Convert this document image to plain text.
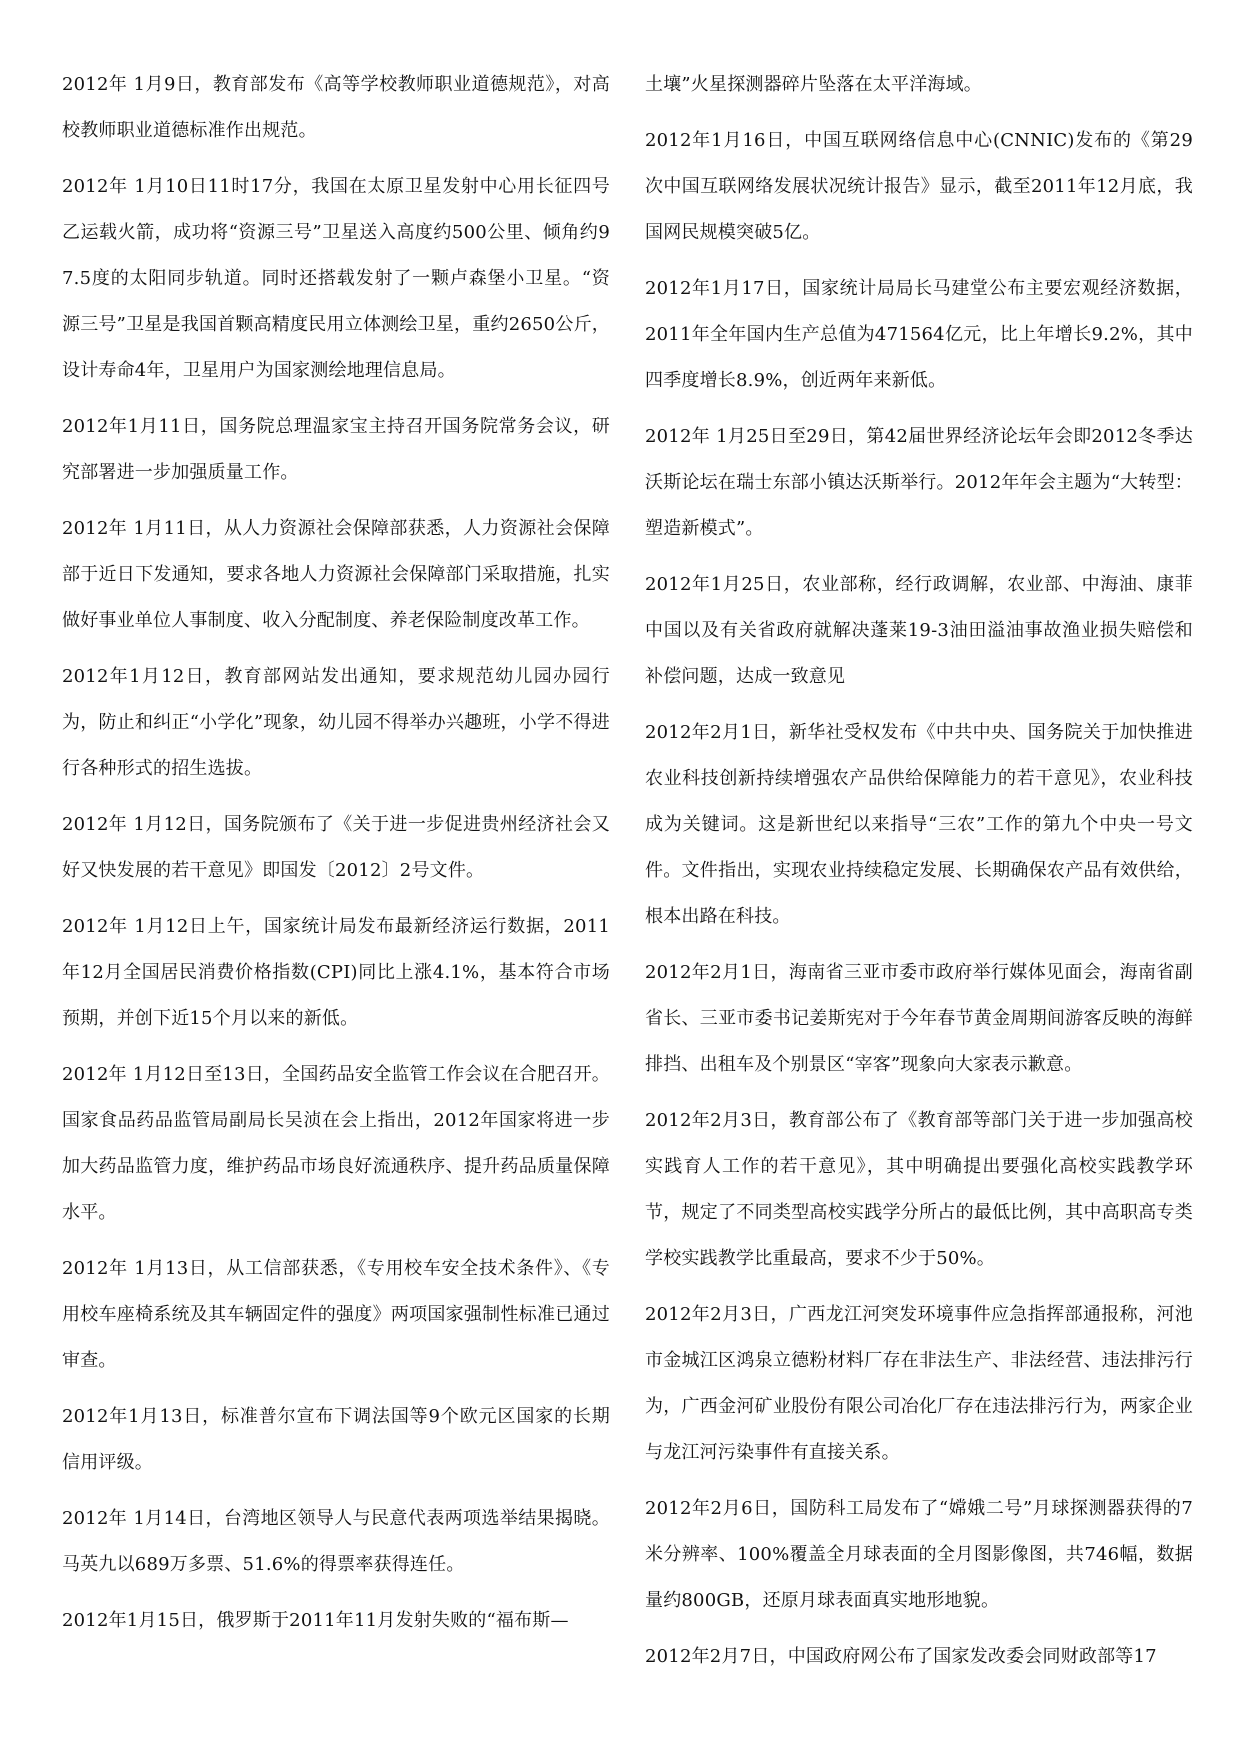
2012年 1月9日，教育部发布《高等学校教师职业道德规范》，对高校教师职业道德标准作出规范。

2012年 1月10日11时17分，我国在太原卫星发射中心用长征四号乙运载火箭，成功将“资源三号”卫星送入高度约500公里、倾角约97.5度的太阳同步轨道。同时还搭载发射了一颗卢森堡小卫星。“资源三号”卫星是我国首颗高精度民用立体测绘卫星，重约2650公斤，设计寿命4年，卫星用户为国家测绘地理信息局。

2012年1月11日，国务院总理温家宝主持召开国务院常务会议，研究部署进一步加强质量工作。

2012年 1月11日，从人力资源社会保障部获悉，人力资源社会保障部于近日下发通知，要求各地人力资源社会保障部门采取措施，扎实做好事业单位人事制度、收入分配制度、养老保险制度改革工作。

2012年1月12日，教育部网站发出通知，要求规范幼儿园办园行为，防止和纠正“小学化”现象，幼儿园不得举办兴趣班，小学不得进行各种形式的招生选拔。

2012年 1月12日，国务院颁布了《关于进一步促进贵州经济社会又好又快发展的若干意见》即国发〔2012〕2号文件。

2012年 1月12日上午，国家统计局发布最新经济运行数据，2011年12月全国居民消费价格指数(CPI)同比上涨4.1%，基本符合市场预期，并创下近15个月以来的新低。

2012年 1月12日至13日，全国药品安全监管工作会议在合肥召开。国家食品药品监管局副局长吴浈在会上指出，2012年国家将进一步加大药品监管力度，维护药品市场良好流通秩序、提升药品质量保障水平。

2012年 1月13日，从工信部获悉，《专用校车安全技术条件》、《专用校车座椅系统及其车辆固定件的强度》两项国家强制性标准已通过审查。

2012年1月13日，标准普尔宣布下调法国等9个欧元区国家的长期信用评级。

2012年 1月14日，台湾地区领导人与民意代表两项选举结果揭晓。马英九以689万多票、51.6%的得票率获得连任。

2012年1月15日，俄罗斯于2011年11月发射失败的“福布斯—

土壤”火星探测器碎片坠落在太平洋海域。

2012年1月16日，中国互联网络信息中心(CNNIC)发布的《第29次中国互联网络发展状况统计报告》显示，截至2011年12月底，我国网民规模突破5亿。

2012年1月17日，国家统计局局长马建堂公布主要宏观经济数据，2011年全年国内生产总值为471564亿元，比上年增长9.2%，其中四季度增长8.9%，创近两年来新低。

2012年 1月25日至29日，第42届世界经济论坛年会即2012冬季达沃斯论坛在瑞士东部小镇达沃斯举行。2012年年会主题为“大转型：塑造新模式”。

2012年1月25日，农业部称，经行政调解，农业部、中海油、康菲中国以及有关省政府就解决蓬莱19-3油田溢油事故渔业损失赔偿和补偿问题，达成一致意见

2012年2月1日，新华社受权发布《中共中央、国务院关于加快推进农业科技创新持续增强农产品供给保障能力的若干意见》，农业科技成为关键词。这是新世纪以来指导“三农”工作的第九个中央一号文件。文件指出，实现农业持续稳定发展、长期确保农产品有效供给，根本出路在科技。

2012年2月1日，海南省三亚市委市政府举行媒体见面会，海南省副省长、三亚市委书记姜斯宪对于今年春节黄金周期间游客反映的海鲜排挡、出租车及个别景区“宰客”现象向大家表示歉意。

2012年2月3日，教育部公布了《教育部等部门关于进一步加强高校实践育人工作的若干意见》，其中明确提出要强化高校实践教学环节，规定了不同类型高校实践学分所占的最低比例，其中高职高专类学校实践教学比重最高，要求不少于50%。

2012年2月3日，广西龙江河突发环境事件应急指挥部通报称，河池市金城江区鸿泉立德粉材料厂存在非法生产、非法经营、违法排污行为，广西金河矿业股份有限公司冶化厂存在违法排污行为，两家企业与龙江河污染事件有直接关系。

2012年2月6日，国防科工局发布了“嫦娥二号”月球探测器获得的7米分辨率、100%覆盖全月球表面的全月图影像图，共746幅，数据量约800GB，还原月球表面真实地形地貌。

2012年2月7日，中国政府网公布了国家发改委会同财政部等17
